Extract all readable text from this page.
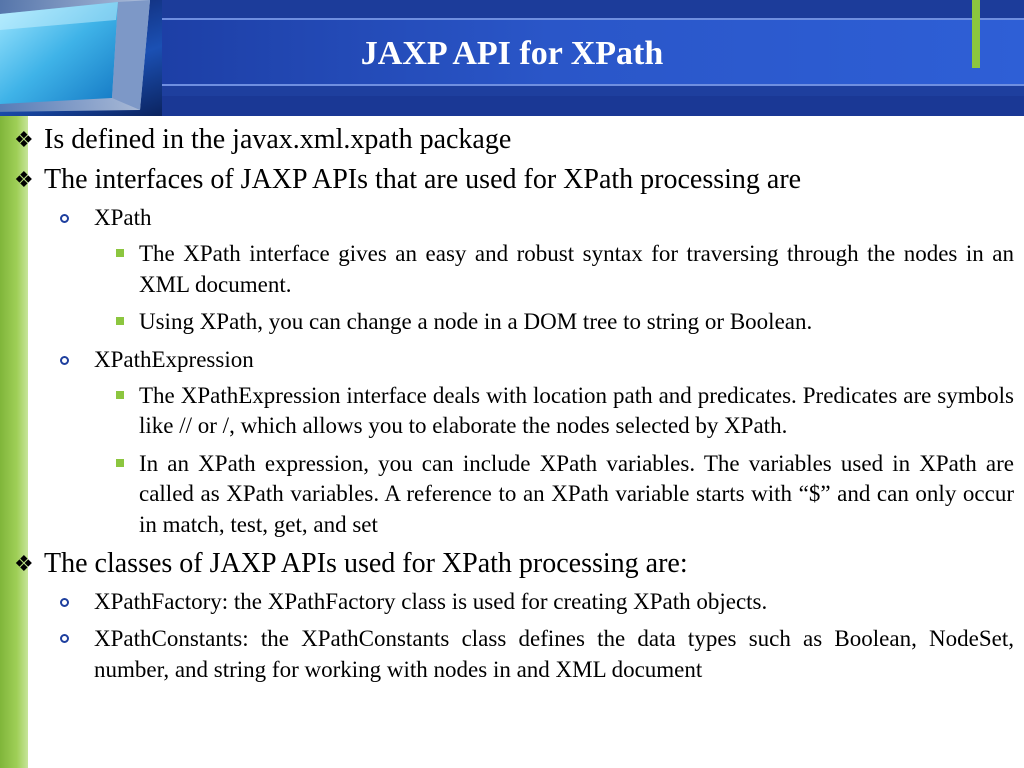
JAXP API for XPath
❖ Is defined in the javax.xml.xpath package
❖ The interfaces of JAXP APIs that are used for XPath processing are
XPath
The XPath interface gives an easy and robust syntax for traversing through the nodes in an XML document.
Using XPath, you can change a node in a DOM tree to string or Boolean.
XPathExpression
The XPathExpression interface deals with location path and predicates. Predicates are symbols like // or /, which allows you to elaborate the nodes selected by XPath.
In an XPath expression, you can include XPath variables. The variables used in XPath are called as XPath variables. A reference to an XPath variable starts with “$” and can only occur in match, test, get, and set
❖ The classes of JAXP APIs used for XPath processing are:
XPathFactory: the XPathFactory class is used for creating XPath objects.
XPathConstants: the XPathConstants class defines the data types such as Boolean, NodeSet, number, and string for working with nodes in and XML document
